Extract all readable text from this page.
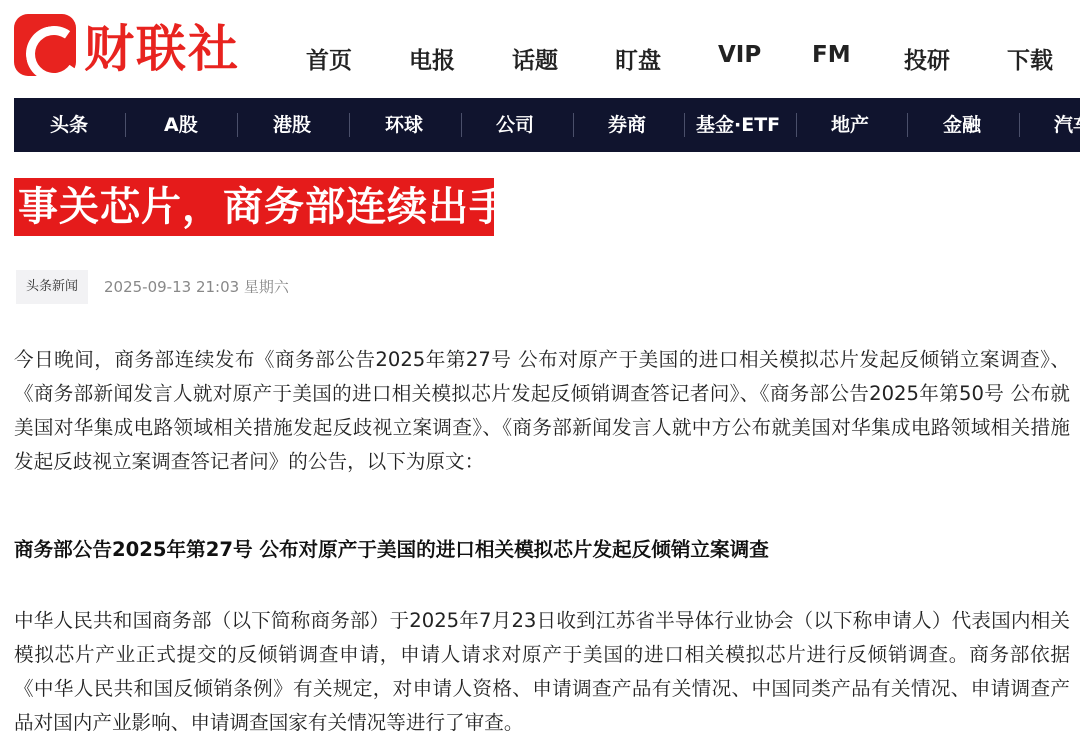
财联社	首页 电报 话题 盯盘 VIP FM 投研 下载
头条	A股	港股	环球	公司	券商	基金·ETF	地产	金融	汽车
事关芯片，商务部连续出手
头条新闻	2025-09-13 21:03 星期六

今日晚间，商务部连续发布《商务部公告2025年第27号 公布对原产于美国的进口相关模拟芯片发起反倾销立案调查》、《商务部新闻发言人就对原产于美国的进口相关模拟芯片发起反倾销调查答记者问》、《商务部公告2025年第50号 公布就美国对华集成电路领域相关措施发起反歧视立案调查》、《商务部新闻发言人就中方公布就美国对华集成电路领域相关措施发起反歧视立案调查答记者问》的公告，以下为原文：

商务部公告2025年第27号 公布对原产于美国的进口相关模拟芯片发起反倾销立案调查

中华人民共和国商务部（以下简称商务部）于2025年7月23日收到江苏省半导体行业协会（以下称申请人）代表国内相关模拟芯片产业正式提交的反倾销调查申请，申请人请求对原产于美国的进口相关模拟芯片进行反倾销调查。商务部依据《中华人民共和国反倾销条例》有关规定，对申请人资格、申请调查产品有关情况、中国同类产品有关情况、申请调查产品对国内产业影响、申请调查国家有关情况等进行了审查。
